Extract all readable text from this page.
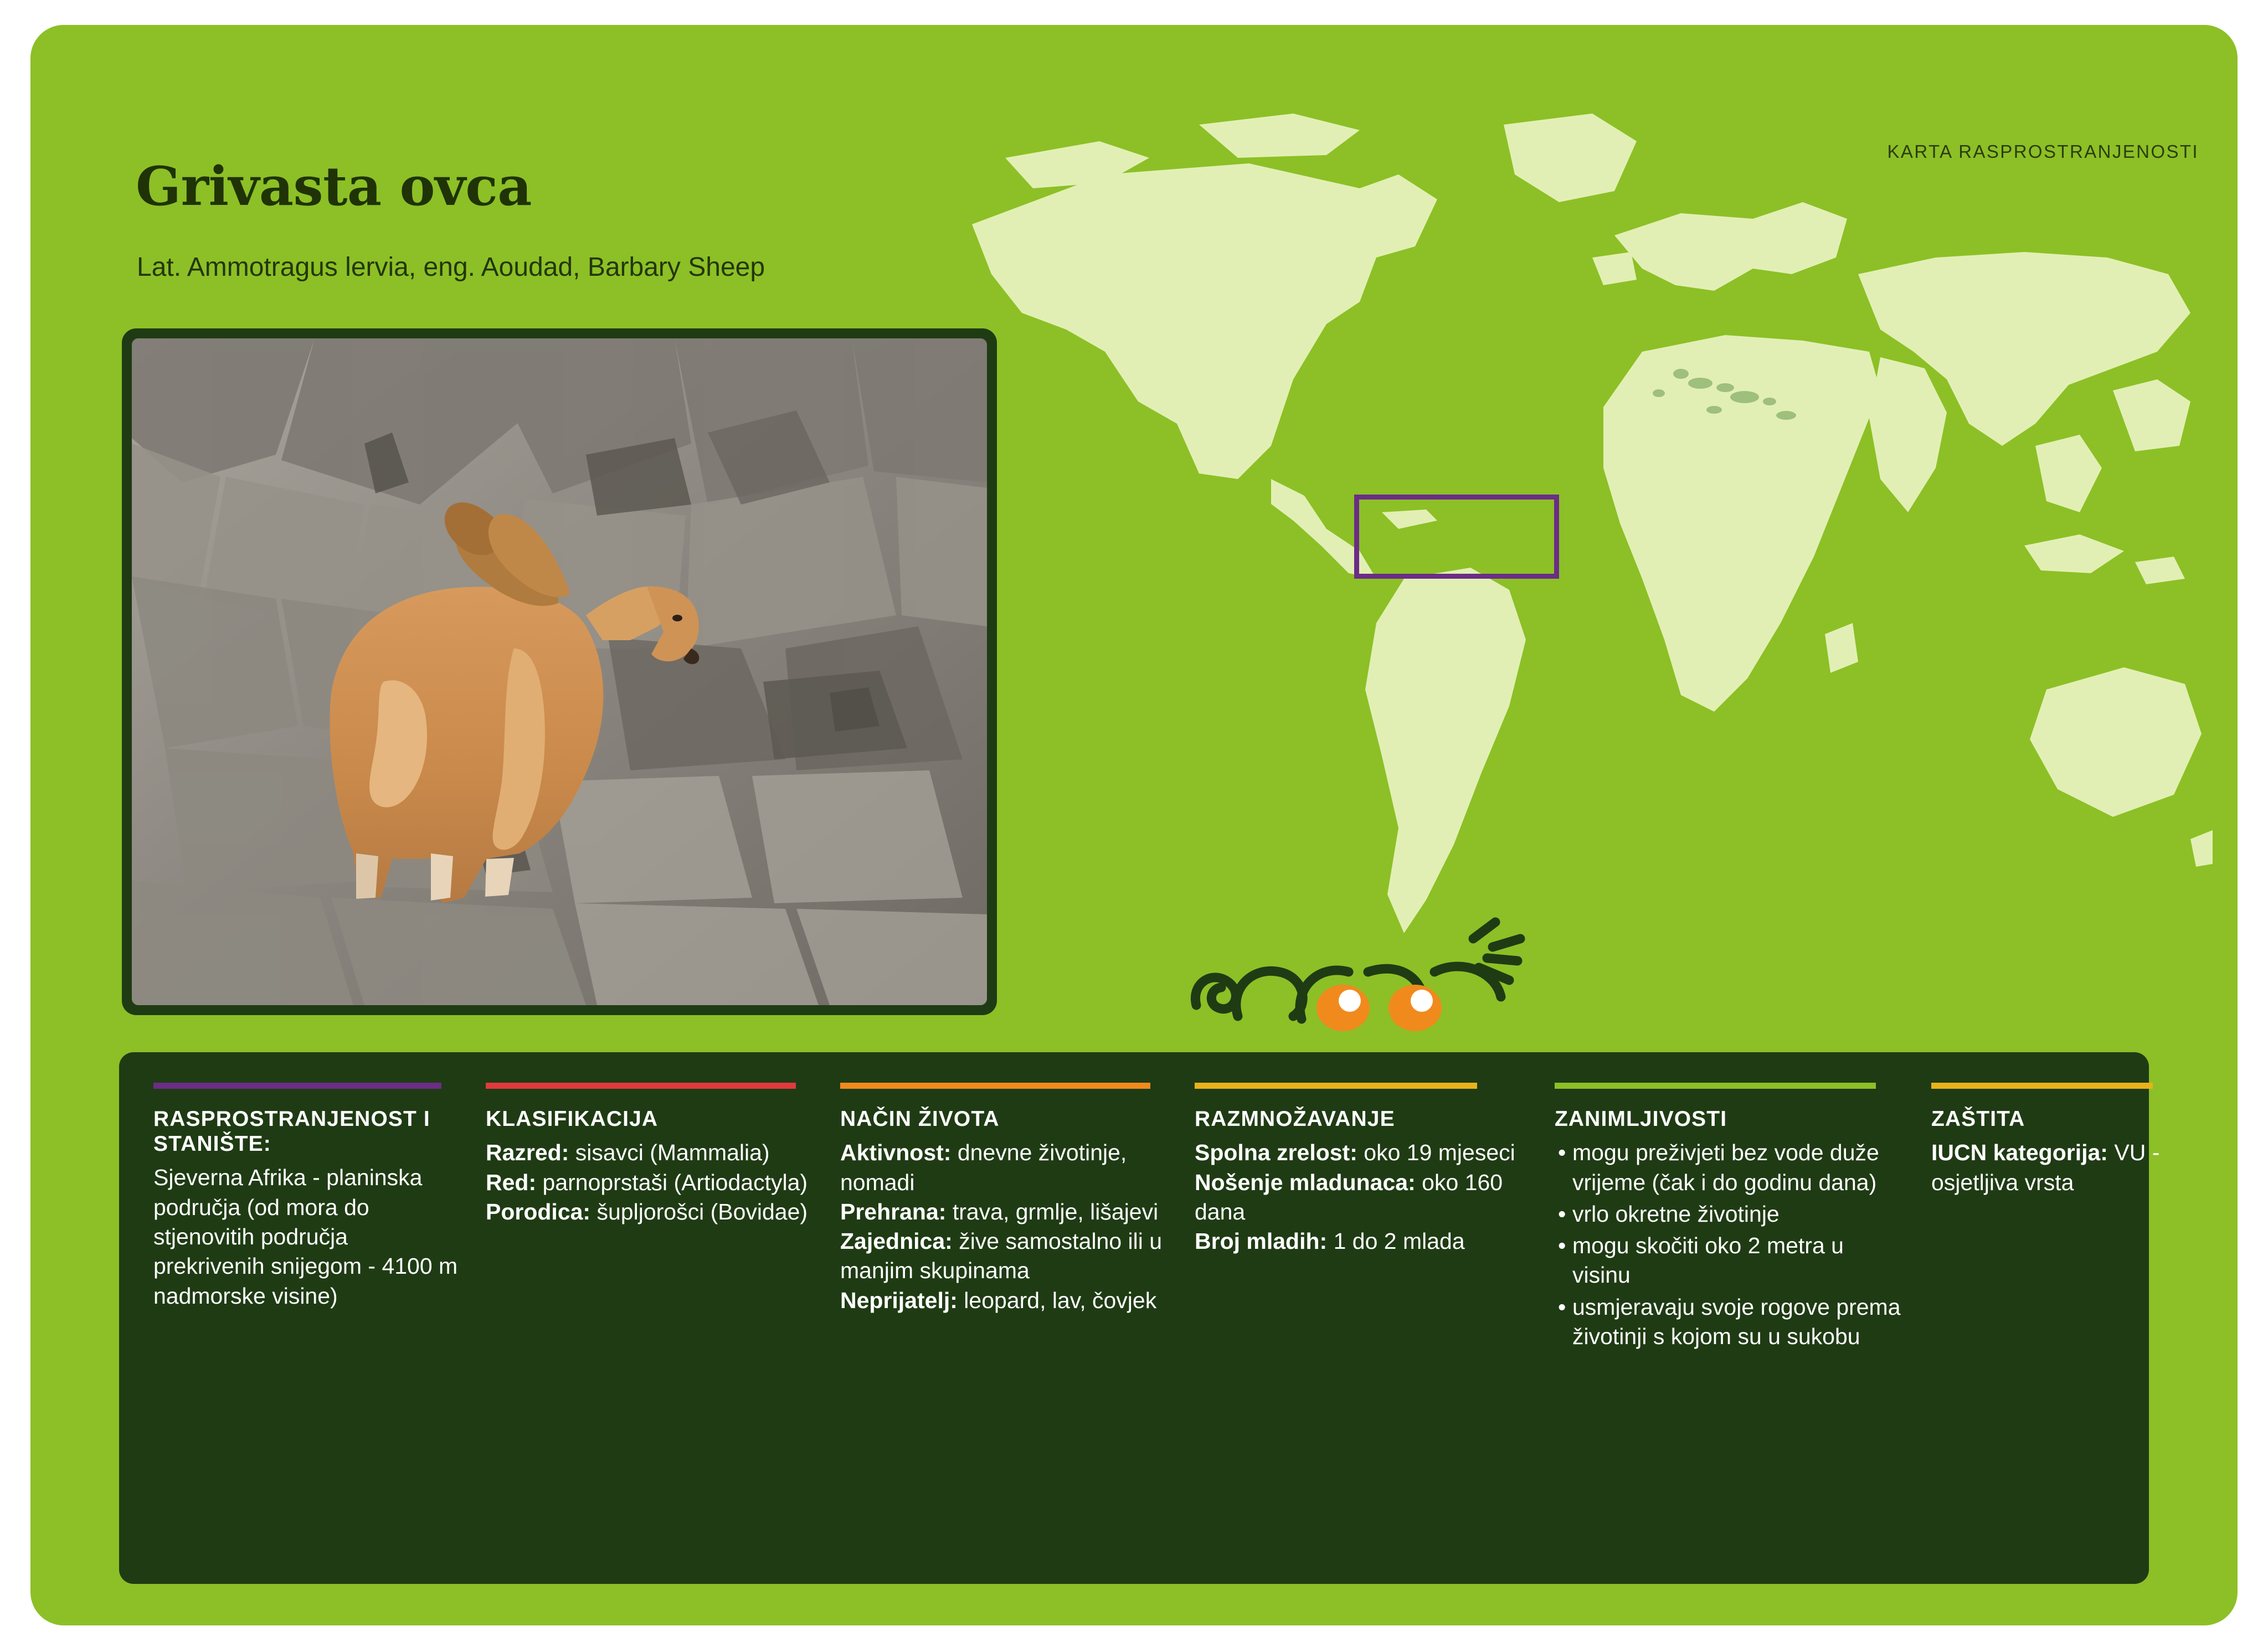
KARTA RASPROSTRANJENOSTI
Grivasta ovca
Lat. Ammotragus lervia, eng. Aoudad, Barbary Sheep
RASPROSTRANJENOST I STANIŠTE:

Sjeverna Afrika - planinska područja (od mora do stjenovitih područja prekrivenih snijegom - 4100 m nadmorske visine)

KLASIFIKACIJA

Razred: sisavci (Mammalia)

Red: parnoprstaši (Artiodactyla)

Porodica: šupljorošci (Bovidae)

NAČIN ŽIVOTA

Aktivnost: dnevne životinje, nomadi

Prehrana: trava, grmlje, lišajevi

Zajednica: žive samostalno ili u manjim skupinama

Neprijatelj: leopard, lav, čovjek

RAZMNOŽAVANJE

Spolna zrelost: oko 19 mjeseci

Nošenje mladunaca: oko 160 dana

Broj mladih: 1 do 2 mlada

ZANIMLJIVOSTI
• mogu preživjeti bez vode duže vrijeme (čak i do godinu dana)
• vrlo okretne životinje
• mogu skočiti oko 2 metra u visinu
• usmjeravaju svoje rogove prema životinji s kojom su u sukobu
ZAŠTITA

IUCN kategorija: VU - osjetljiva vrsta
